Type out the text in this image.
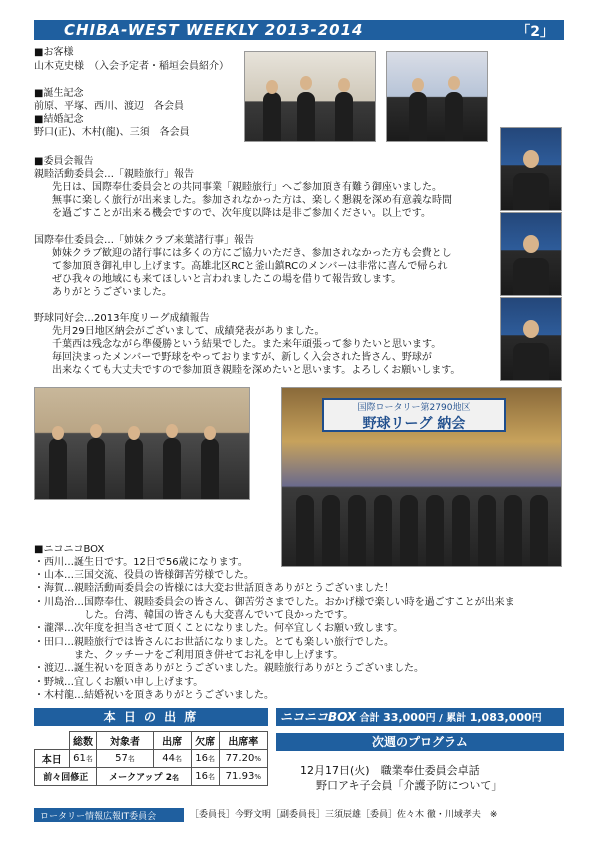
CHIBA-WEST WEEKLY 2013-2014	「2」
■お客様
山木克史様　（入会予定者・稲垣会員紹介）
■誕生記念
前原、平塚、西川、渡辺　各会員
■結婚記念
野口(正)、木村(龍)、三須　各会員
■委員会報告
親睦活動委員会…「親睦旅行」報告
先日は、国際奉仕委員会との共同事業「親睦旅行」へご参加頂き有難う御座いました。
無事に楽しく旅行が出来ました。参加されなかった方は、楽しく懇親を深め有意義な時間
を過ごすことが出来る機会ですので、次年度以降は是非ご参加ください。以上です。
国際奉仕委員会…「姉妹クラブ来葉諸行事」報告
姉妹クラブ歓迎の諸行事には多くの方にご協力いただき、参加されなかった方も会費とし
て参加頂き御礼申し上げます。高雄北区RCと釜山鎮RCのメンバーは非常に喜んで帰られ
ぜひ我々の地域にも来てほしいと言われましたこの場を借りて報告致します。
ありがとうございました。
野球同好会…2013年度リーグ成績報告
先月29日地区納会がございまして、成績発表がありました。
千葉西は残念ながら準優勝という結果でした。また来年頑張って参りたいと思います。
毎回決まったメンバーで野球をやっておりますが、新しく入会された皆さん、野球が
出来なくても大丈夫ですので参加頂き親睦を深めたいと思います。よろしくお願いします。
国際ロータリー第2790地区
野球リーグ 納会
■ニコニコBOX
・西川…誕生日です。12日で56歳になります。
・山本…三国交流、役員の皆様御苦労様でした。
・海賀…親睦活動両委員会の皆様には大変お世話頂きありがとうございました！
・川島治…国際奉仕、親睦委員会の皆さん、御苦労さまでした。おかげ様で楽しい時を過ごすことが出来ま
　　　　　した。台湾、韓国の皆さんも大変喜んでいて良かったです。
・瀧澤…次年度を担当させて頂くことになりました。何卒宜しくお願い致します。
・田口…親睦旅行では皆さんにお世話になりました。とても楽しい旅行でした。
　　　　また、クッチーナをご利用頂き併せてお礼を申し上げます。
・渡辺…誕生祝いを頂きありがとうございました。親睦旅行ありがとうございました。
・野城…宜しくお願い申し上げます。
・木村龍…結婚祝いを頂きありがとうございました。
本 日 の 出 席
	総数	対象者	出席	欠席	出席率
本日	61名	57名	44名	16名	77.20%

前々回修正		メークアップ 2名		16名	71.93%
ニコニコBOX 合計 33,000円 / 累計 1,083,000円
次週のプログラム
12月17日(火)　職業奉仕委員会卓話
野口アキ子会員「介護予防について」
ロータリー情報広報IT委員会	［委員長］今野文明［副委員長］三須辰雄［委員］佐々木 徹・川域孝夫　※
